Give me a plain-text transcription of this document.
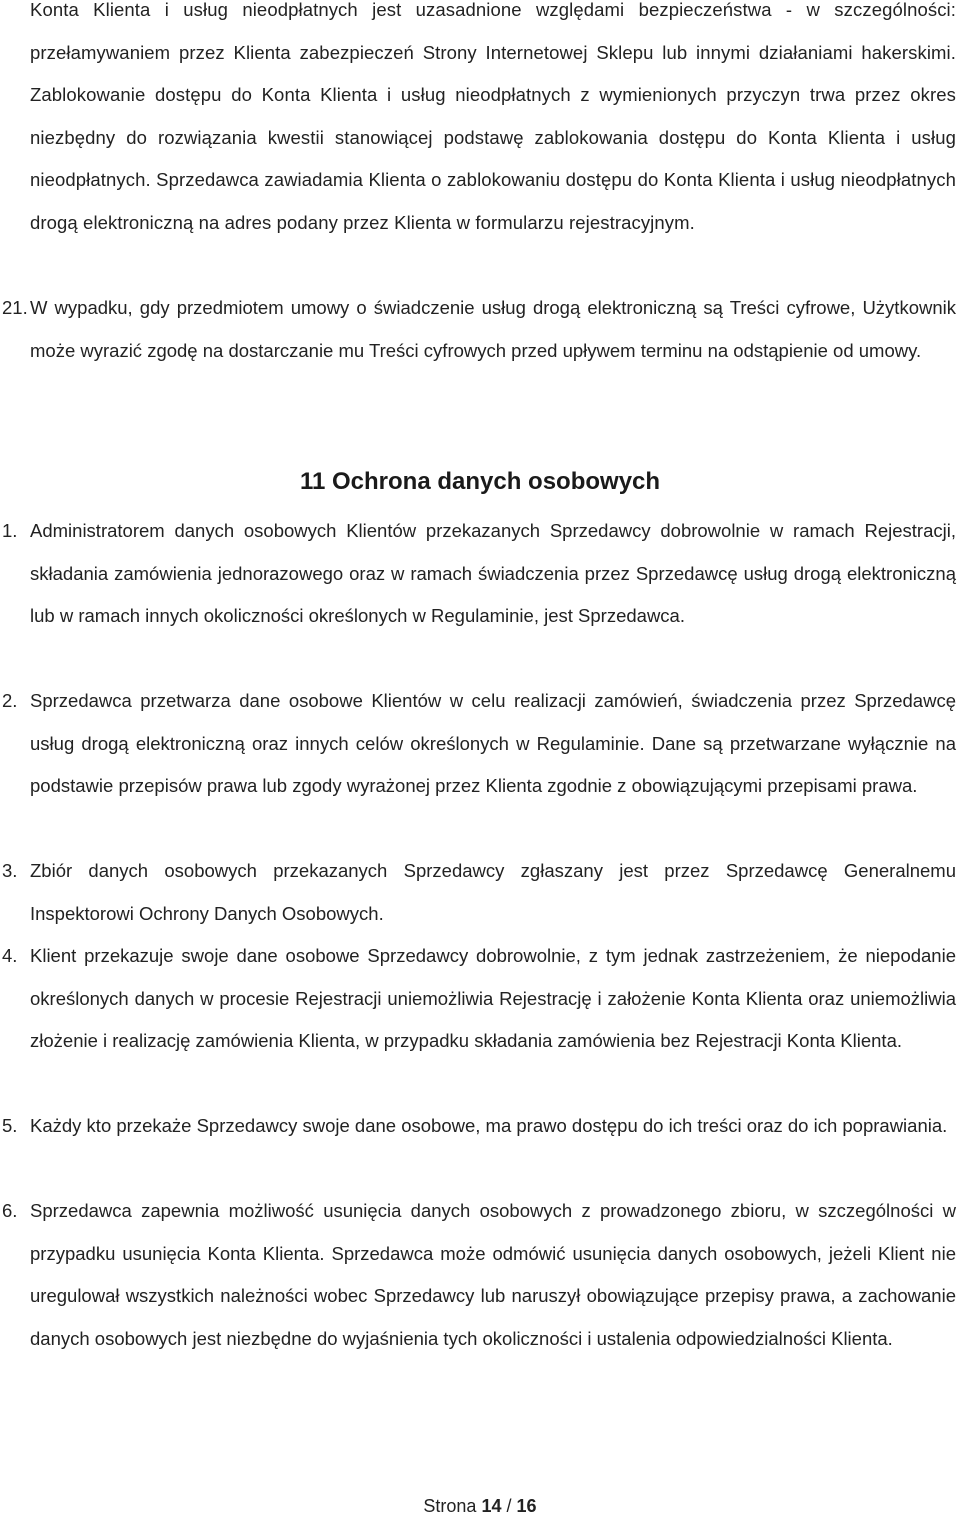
Konta Klienta i usług nieodpłatnych jest uzasadnione względami bezpieczeństwa - w szczególności: przełamywaniem przez Klienta zabezpieczeń Strony Internetowej Sklepu lub innymi działaniami hakerskimi. Zablokowanie dostępu do Konta Klienta i usług nieodpłatnych z wymienionych przyczyn trwa przez okres niezbędny do rozwiązania kwestii stanowiącej podstawę zablokowania dostępu do Konta Klienta i usług nieodpłatnych. Sprzedawca zawiadamia Klienta o zablokowaniu dostępu do Konta Klienta i usług nieodpłatnych drogą elektroniczną na adres podany przez Klienta w formularzu rejestracyjnym.
21. W wypadku, gdy przedmiotem umowy o świadczenie usług drogą elektroniczną są Treści cyfrowe, Użytkownik może wyrazić zgodę na dostarczanie mu Treści cyfrowych przed upływem terminu na odstąpienie od umowy.
11 Ochrona danych osobowych
1. Administratorem danych osobowych Klientów przekazanych Sprzedawcy dobrowolnie w ramach Rejestracji, składania zamówienia jednorazowego oraz w ramach świadczenia przez Sprzedawcę usług drogą elektroniczną lub w ramach innych okoliczności określonych w Regulaminie, jest Sprzedawca.
2. Sprzedawca przetwarza dane osobowe Klientów w celu realizacji zamówień, świadczenia przez Sprzedawcę usług drogą elektroniczną oraz innych celów określonych w Regulaminie. Dane są przetwarzane wyłącznie na podstawie przepisów prawa lub zgody wyrażonej przez Klienta zgodnie z obowiązującymi przepisami prawa.
3. Zbiór danych osobowych przekazanych Sprzedawcy zgłaszany jest przez Sprzedawcę Generalnemu Inspektorowi Ochrony Danych Osobowych.
4. Klient przekazuje swoje dane osobowe Sprzedawcy dobrowolnie, z tym jednak zastrzeżeniem, że niepodanie określonych danych w procesie Rejestracji uniemożliwia Rejestrację i założenie Konta Klienta oraz uniemożliwia złożenie i realizację zamówienia Klienta, w przypadku składania zamówienia bez Rejestracji Konta Klienta.
5. Każdy kto przekaże Sprzedawcy swoje dane osobowe, ma prawo dostępu do ich treści oraz do ich poprawiania.
6. Sprzedawca zapewnia możliwość usunięcia danych osobowych z prowadzonego zbioru, w szczególności w przypadku usunięcia Konta Klienta. Sprzedawca może odmówić usunięcia danych osobowych, jeżeli Klient nie uregulował wszystkich należności wobec Sprzedawcy lub naruszył obowiązujące przepisy prawa, a zachowanie danych osobowych jest niezbędne do wyjaśnienia tych okoliczności i ustalenia odpowiedzialności Klienta.
Strona 14 / 16
